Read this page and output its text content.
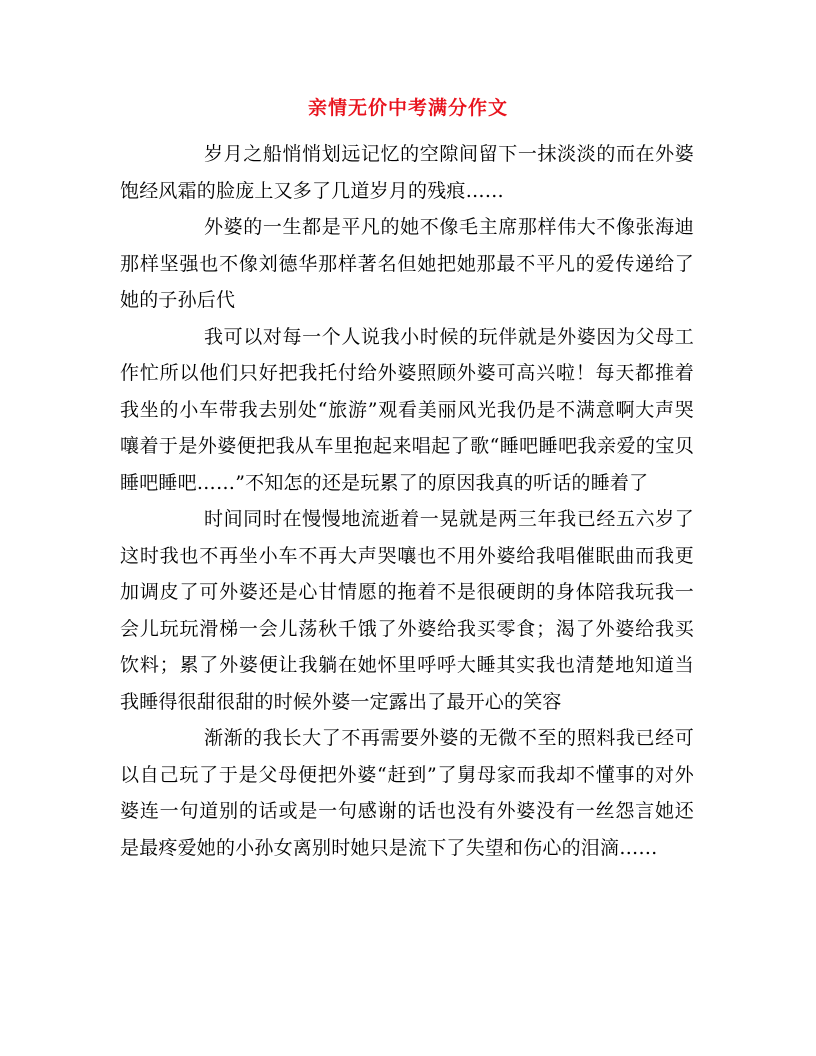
亲情无价中考满分作文

岁月之船悄悄划远记忆的空隙间留下一抹淡淡的而在外婆饱经风霜的脸庞上又多了几道岁月的残痕……

外婆的一生都是平凡的她不像毛主席那样伟大不像张海迪那样坚强也不像刘德华那样著名但她把她那最不平凡的爱传递给了她的子孙后代

我可以对每一个人说我小时候的玩伴就是外婆因为父母工作忙所以他们只好把我托付给外婆照顾外婆可高兴啦！每天都推着我坐的小车带我去别处“旅游”观看美丽风光我仍是不满意啊大声哭嚷着于是外婆便把我从车里抱起来唱起了歌“睡吧睡吧我亲爱的宝贝睡吧睡吧……”不知怎的还是玩累了的原因我真的听话的睡着了

时间同时在慢慢地流逝着一晃就是两三年我已经五六岁了这时我也不再坐小车不再大声哭嚷也不用外婆给我唱催眠曲而我更加调皮了可外婆还是心甘情愿的拖着不是很硬朗的身体陪我玩我一会儿玩玩滑梯一会儿荡秋千饿了外婆给我买零食；渴了外婆给我买饮料；累了外婆便让我躺在她怀里呼呼大睡其实我也清楚地知道当我睡得很甜很甜的时候外婆一定露出了最开心的笑容

渐渐的我长大了不再需要外婆的无微不至的照料我已经可以自己玩了于是父母便把外婆“赶到”了舅母家而我却不懂事的对外婆连一句道别的话或是一句感谢的话也没有外婆没有一丝怨言她还是最疼爱她的小孙女离别时她只是流下了失望和伤心的泪滴……
